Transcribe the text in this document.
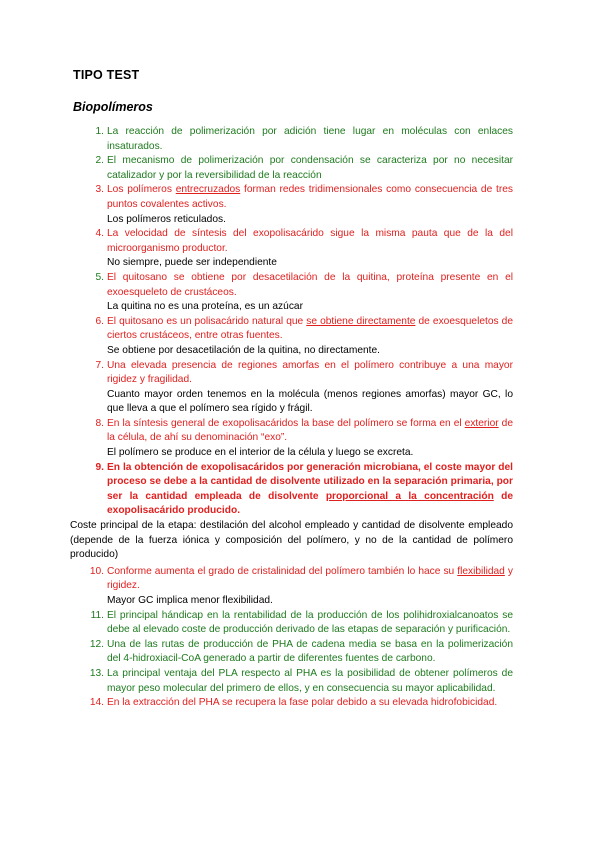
TIPO TEST
Biopolímeros
1. La reacción de polimerización por adición tiene lugar en moléculas con enlaces insaturados.
2. El mecanismo de polimerización por condensación se caracteriza por no necesitar catalizador y por la reversibilidad de la reacción
3. Los polímeros entrecruzados forman redes tridimensionales como consecuencia de tres puntos covalentes activos.
Los polímeros reticulados.
4. La velocidad de síntesis del exopolisacárido sigue la misma pauta que de la del microorganismo productor.
No siempre, puede ser independiente
5. El quitosano se obtiene por desacetilación de la quitina, proteína presente en el exoesqueleto de crustáceos.
La quitina no es una proteína, es un azúcar
6. El quitosano es un polisacárido natural que se obtiene directamente de exoesqueletos de ciertos crustáceos, entre otras fuentes.
Se obtiene por desacetilación de la quitina, no directamente.
7. Una elevada presencia de regiones amorfas en el polímero contribuye a una mayor rigidez y fragilidad.
Cuanto mayor orden tenemos en la molécula (menos regiones amorfas) mayor GC, lo que lleva a que el polímero sea rígido y frágil.
8. En la síntesis general de exopolisacáridos la base del polímero se forma en el exterior de la célula, de ahí su denominación “exo”.
El polímero se produce en el interior de la célula y luego se excreta.
9. En la obtención de exopolisacáridos por generación microbiana, el coste mayor del proceso se debe a la cantidad de disolvente utilizado en la separación primaria, por ser la cantidad empleada de disolvente proporcional a la concentración de exopolisacárido producido.
Coste principal de la etapa: destilación del alcohol empleado y cantidad de disolvente empleado (depende de la fuerza iónica y composición del polímero, y no de la cantidad de polímero producido)
10. Conforme aumenta el grado de cristalinidad del polímero también lo hace su flexibilidad y rigidez.
Mayor GC implica menor flexibilidad.
11. El principal hándicap en la rentabilidad de la producción de los polihidroxialcanoatos se debe al elevado coste de producción derivado de las etapas de separación y purificación.
12. Una de las rutas de producción de PHA de cadena media se basa en la polimerización del 4-hidroxiacil-CoA generado a partir de diferentes fuentes de carbono.
13. La principal ventaja del PLA respecto al PHA es la posibilidad de obtener polímeros de mayor peso molecular del primero de ellos, y en consecuencia su mayor aplicabilidad.
14. En la extracción del PHA se recupera la fase polar debido a su elevada hidrofobicidad.
